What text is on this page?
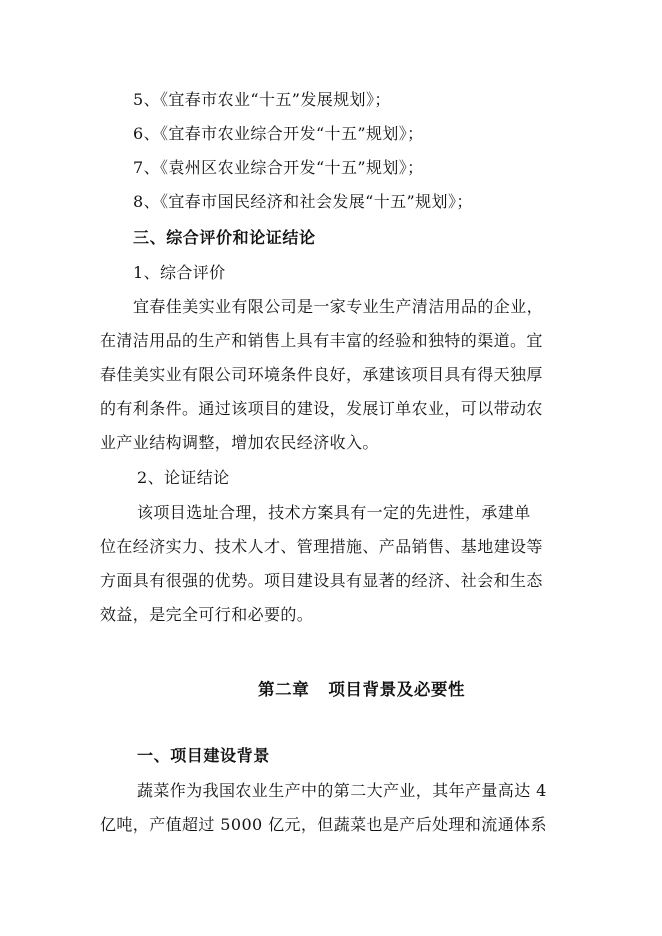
5、《宜春市农业“十五”发展规划》；
6、《宜春市农业综合开发“十五”规划》；
7、《袁州区农业综合开发“十五”规划》；
8、《宜春市国民经济和社会发展“十五”规划》；
三、综合评价和论证结论
1、综合评价
宜春佳美实业有限公司是一家专业生产清洁用品的企业，
在清洁用品的生产和销售上具有丰富的经验和独特的渠道。宜
春佳美实业有限公司环境条件良好，承建该项目具有得天独厚
的有利条件。通过该项目的建设，发展订单农业，可以带动农
业产业结构调整，增加农民经济收入。
2、论证结论
该项目选址合理，技术方案具有一定的先进性，承建单
位在经济实力、技术人才、管理措施、产品销售、基地建设等
方面具有很强的优势。项目建设具有显著的经济、社会和生态
效益，是完全可行和必要的。
第二章   项目背景及必要性
一、项目建设背景
蔬菜作为我国农业生产中的第二大产业，其年产量高达 4
亿吨，产值超过 5000 亿元，但蔬菜也是产后处理和流通体系
